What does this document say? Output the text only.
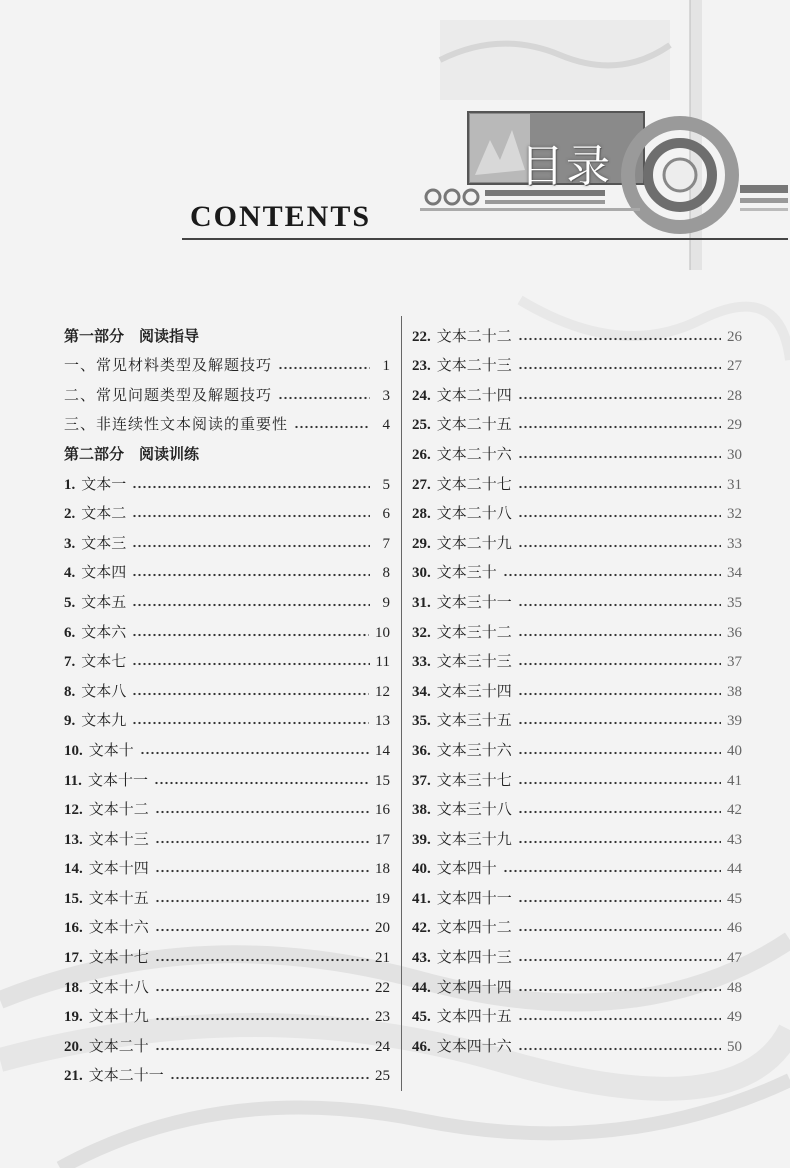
目录
CONTENTS
第一部分　阅读指导
一、常见材料类型及解题技巧	1
二、常见问题类型及解题技巧	3
三、非连续性文本阅读的重要性	4
第二部分　阅读训练
1. 文本一	5
2. 文本二	6
3. 文本三	7
4. 文本四	8
5. 文本五	9
6. 文本六	10
7. 文本七	11
8. 文本八	12
9. 文本九	13
10. 文本十	14
11. 文本十一	15
12. 文本十二	16
13. 文本十三	17
14. 文本十四	18
15. 文本十五	19
16. 文本十六	20
17. 文本十七	21
18. 文本十八	22
19. 文本十九	23
20. 文本二十	24
21. 文本二十一	25
22. 文本二十二	26
23. 文本二十三	27
24. 文本二十四	28
25. 文本二十五	29
26. 文本二十六	30
27. 文本二十七	31
28. 文本二十八	32
29. 文本二十九	33
30. 文本三十	34
31. 文本三十一	35
32. 文本三十二	36
33. 文本三十三	37
34. 文本三十四	38
35. 文本三十五	39
36. 文本三十六	40
37. 文本三十七	41
38. 文本三十八	42
39. 文本三十九	43
40. 文本四十	44
41. 文本四十一	45
42. 文本四十二	46
43. 文本四十三	47
44. 文本四十四	48
45. 文本四十五	49
46. 文本四十六	50
